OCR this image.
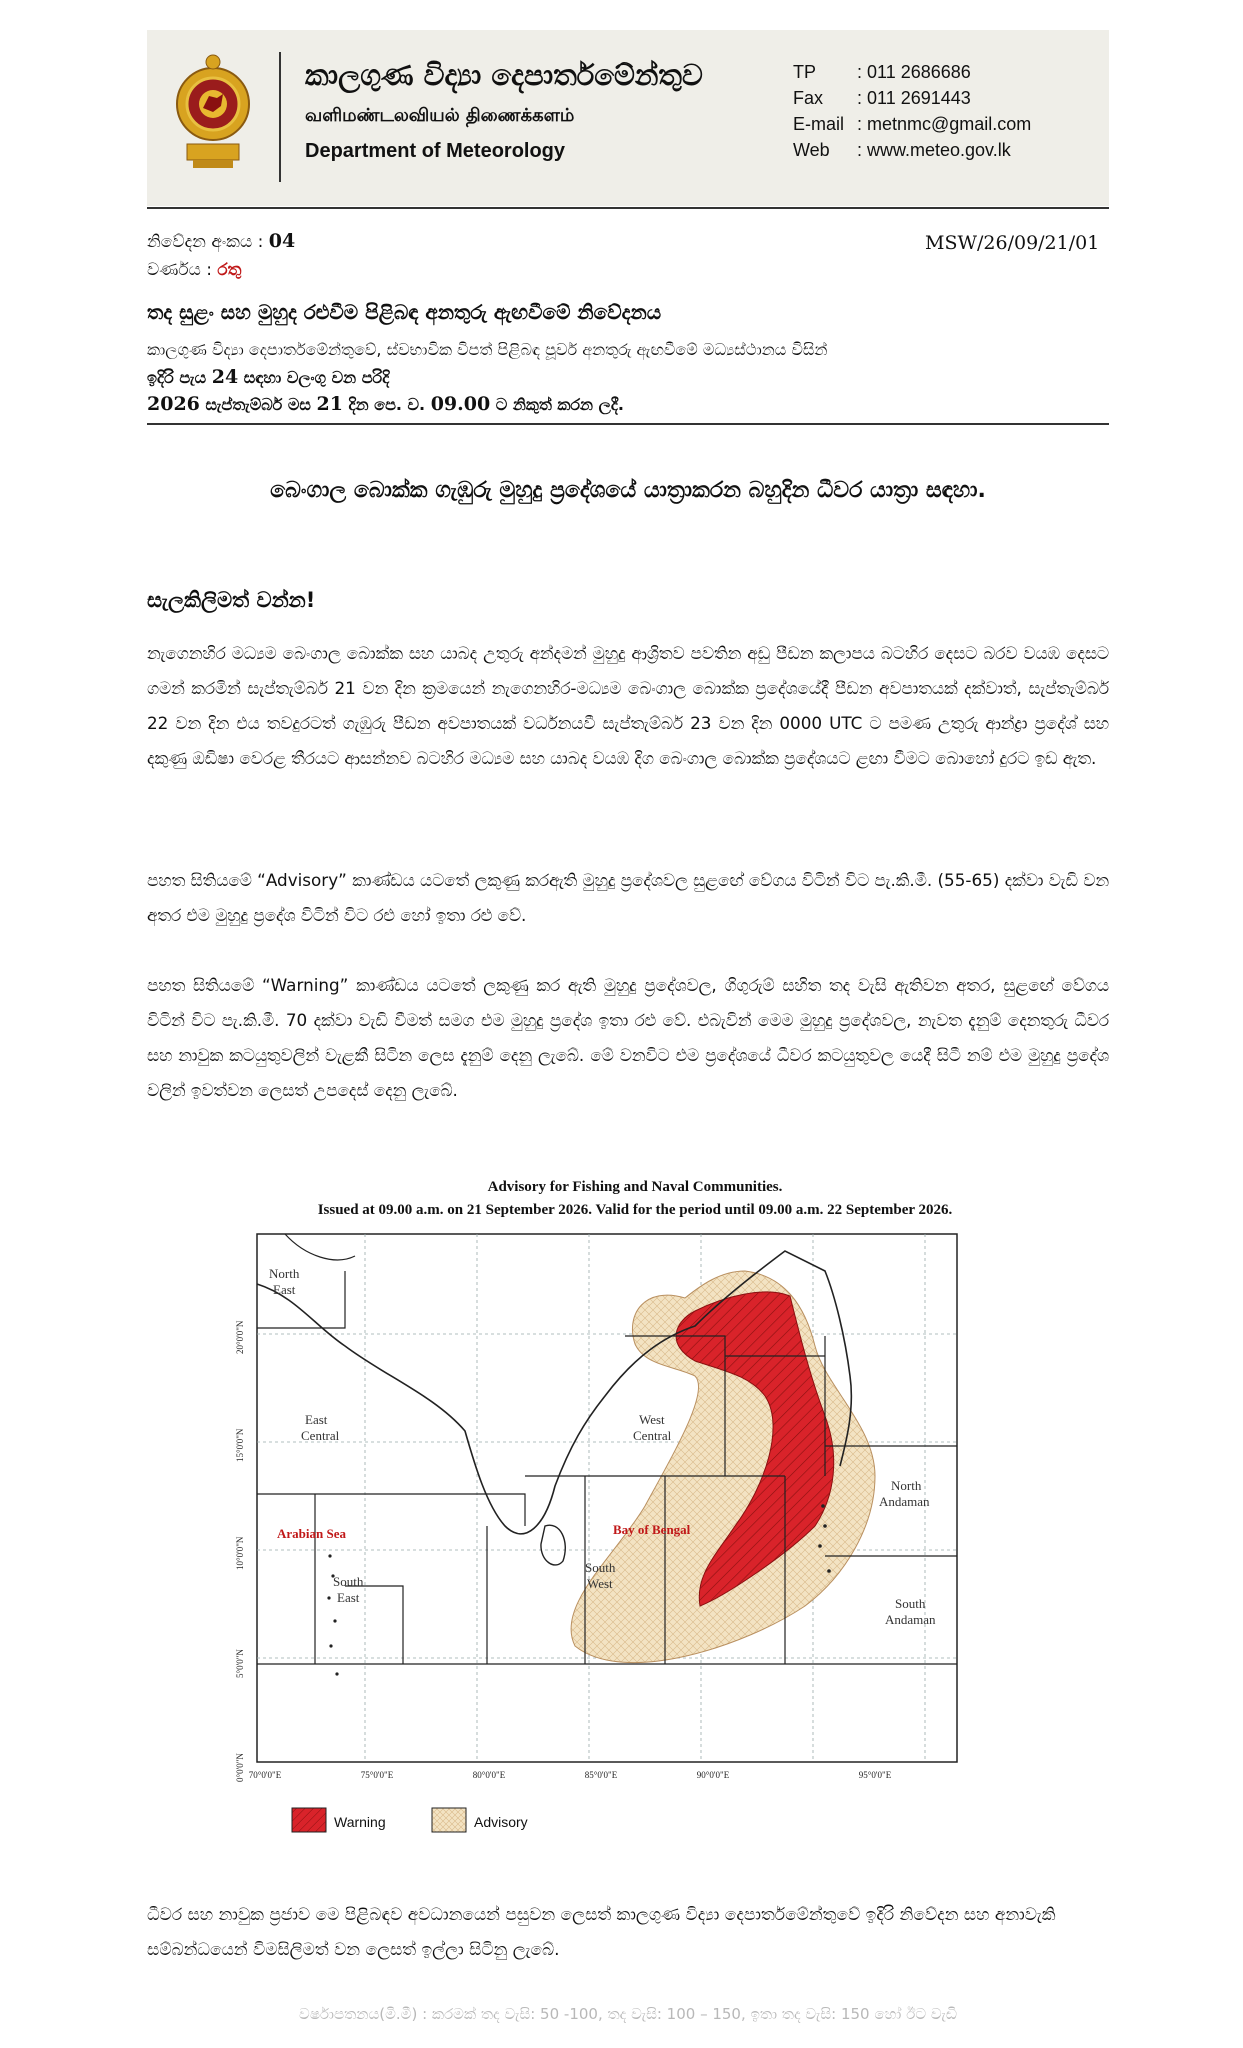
කාලගුණ විද්‍යා දෙපාර්තමේන්තුව
வளிமண்டலவியல் திணைக்களம்
Department of Meteorology
TP : 011 2686686
Fax : 011 2691443
E-mail : metnmc@gmail.com
Web : www.meteo.gov.lk
නිවේදන අංකය : 04	MSW/26/09/21/01
වර්ණය : රතු
තද සුළං සහ මුහුද රළුවීම පිළිබඳ අනතුරු ඇඟවීමේ නිවේදනය
කාලගුණ විද්‍යා දෙපාර්තමේන්තුවේ, ස්වභාවික විපත් පිළිබඳ පූර්ව අනතුරු ඇඟවීමේ මධ්‍යස්ථානය විසින්
ඉදිරි පැය 24 සඳහා වලංගු වන පරිදි
2026 සැප්තැම්බර් මස 21 දින පෙ. ව. 09.00 ට නිකුත් කරන ලදී.
බෙංගාල බොක්ක ගැඹුරු මුහුදු ප්‍රදේශයේ යාත්‍රාකරන බහුදින ධීවර යාත්‍රා සඳහා.
සැලකිලිමත් වන්න!

නැගෙනහිර මධ්‍යම බෙංගාල බොක්ක සහ යාබද උතුරු අන්දමන් මුහුදු ආශ්‍රිතව පවතින අඩු පීඩන කලාපය බටහිර දෙසට බරව වයඹ දෙසට ගමන් කරමින් සැප්තැම්බර් 21 වන දින ක්‍රමයෙන් නැගෙනහිර-මධ්‍යම බෙංගාල බොක්ක ප්‍රදේශයේදී පීඩන අවපාතයක් දක්වාත්, සැප්තැම්බර් 22 වන දින එය තවදුරටත් ගැඹුරු පීඩන අවපාතයක් වර්ධනයවී සැප්තැම්බර් 23 වන දින 0000 UTC ට පමණ උතුරු ආන්ද්‍රා ප්‍රදේශ් සහ දකුණු ඔඩිෂා වෙරළ තීරයට ආසන්නව බටහිර මධ්‍යම සහ යාබද වයඹ දිග බෙංගාල බොක්ක ප්‍රදේශයට ළඟා වීමට බොහෝ දුරට ඉඩ ඇත.

පහත සිතියමේ “Advisory” කාණ්ඩය යටතේ ලකුණු කරඇති මුහුදු ප්‍රදේශවල සුළඟේ වේගය විටින් විට පැ.කි.මී. (55-65) දක්වා වැඩි වන අතර එම මුහුදු ප්‍රදේශ විටින් විට රළු හෝ ඉතා රළු වේ.

පහත සිතියමේ “Warning” කාණ්ඩය යටතේ ලකුණු කර ඇති මුහුදු ප්‍රදේශවල, ගිගුරුම් සහිත තද වැසි ඇතිවන අතර, සුළඟේ වේගය විටින් විට පැ.කි.මී. 70 දක්වා වැඩි වීමත් සමග එම මුහුදු ප්‍රදේශ ඉතා රළු වේ. එබැවින් මෙම මුහුදු ප්‍රදේශවල, නැවත දැනුම් දෙනතුරු ධීවර සහ නාවුක කටයුතුවලින් වැළකී සිටින ලෙස දැනුම් දෙනු ලැබේ. මේ වනවිට එම ප්‍රදේශයේ ධීවර කටයුතුවල යෙදී සිටී නම් එම මුහුදු ප්‍රදේශ වලින් ඉවත්වන ලෙසත් උපදෙස් දෙනු ලැබේ.

Advisory for Fishing and Naval Communities.
Issued at 09.00 a.m. on 21 September 2026. Valid for the period until 09.00 a.m. 22 September 2026.
North
East
East
Central
Arabian Sea
South
East
West
Central
Bay of Bengal
South
West
North
Andaman
South
Andaman
20°0'0"N
15°0'0"N
10°0'0"N
5°0'0"N
0°0'0"N 70°0'0"E	75°0'0"E	80°0'0"E	85°0'0"E	90°0'0"E	95°0'0"E
Warning	Advisory
ධීවර සහ නාවුක ප්‍රජාව මෙ පිළිබඳව අවධානයෙන් පසුවන ලෙසත් කාලගුණ විද්‍යා දෙපාර්තමේන්තුවේ ඉදිරි නිවේදන සහ අනාවැකි සම්බන්ධයෙන් විමසිලිමත් වන ලෙසත් ඉල්ලා සිටිනු ලැබේ.
වර්ෂාපතනය(මි.මී) : කරමක් තද වැසි: 50 -100, තද වැසි: 100 – 150, ඉතා තද වැසි: 150 හෝ ඊට වැඩි
